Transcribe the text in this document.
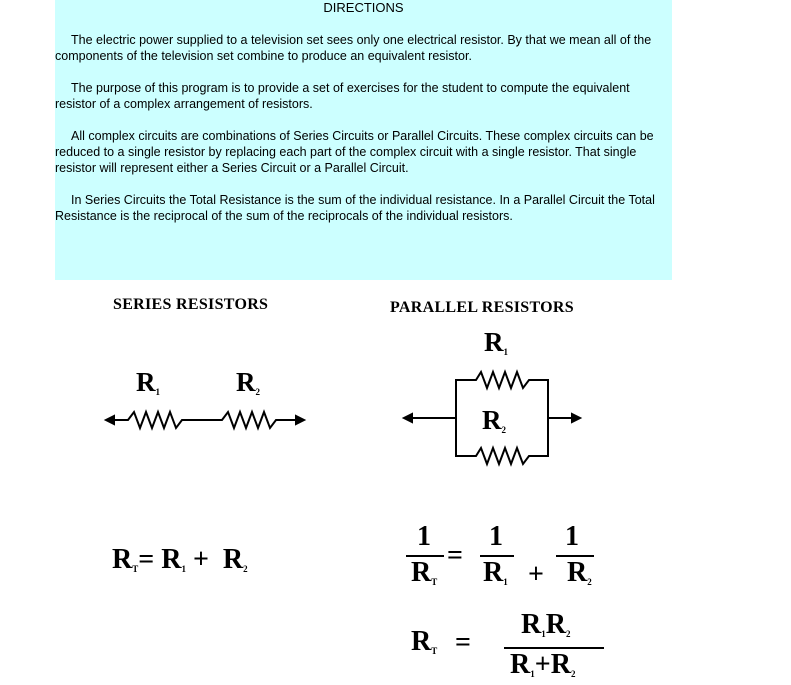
DIRECTIONS

The electric power supplied to a television set sees only one electrical resistor. By that we mean all of the components of the television set combine to produce an equivalent resistor.

The purpose of this program is to provide a set of exercises for the student to compute the equivalent resistor of a complex arrangement of resistors.

All complex circuits are combinations of Series Circuits or Parallel Circuits. These complex circuits can be reduced to a single resistor by replacing each part of the complex circuit with a single resistor. That single resistor will represent either a Series Circuit or a Parallel Circuit.

In Series Circuits the Total Resistance is the sum of the individual resistance. In a Parallel Circuit the Total Resistance is the reciprocal of the sum of the reciprocals of the individual resistors.

SERIES RESISTORS	PARALLEL RESISTORS
$R_1$	$R_2$
$R_1$
$R_2$
$R_T= R_1 + R_2$
1
$R_T$
=
1
$R_1$ +
1
$R_2$
$R_T$ =
$R_1R_2$
$R_1+R_2$
